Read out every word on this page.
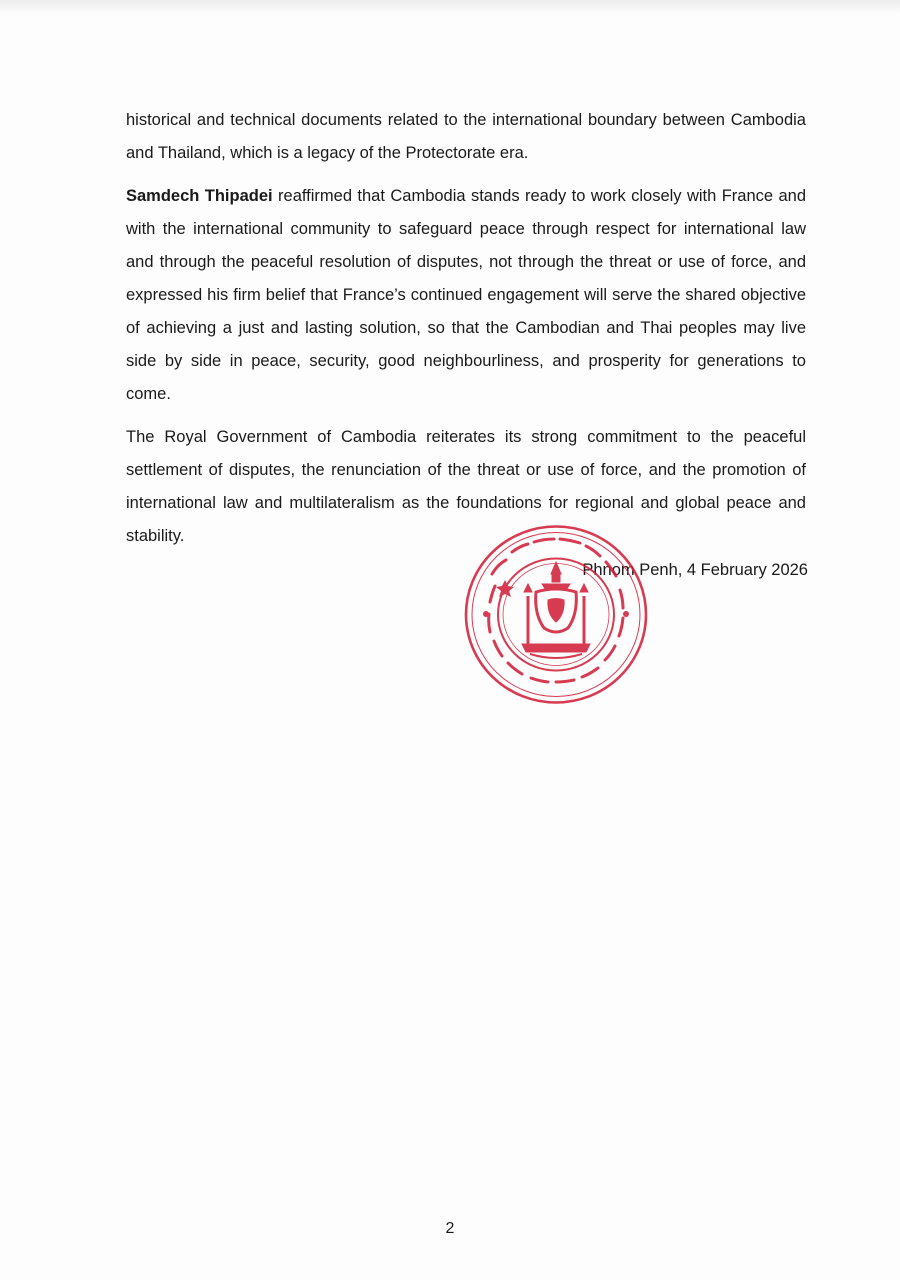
historical and technical documents related to the international boundary between Cambodia and Thailand, which is a legacy of the Protectorate era.

Samdech Thipadei reaffirmed that Cambodia stands ready to work closely with France and with the international community to safeguard peace through respect for international law and through the peaceful resolution of disputes, not through the threat or use of force, and expressed his firm belief that France’s continued engagement will serve the shared objective of achieving a just and lasting solution, so that the Cambodian and Thai peoples may live side by side in peace, security, good neighbourliness, and prosperity for generations to come.

The Royal Government of Cambodia reiterates its strong commitment to the peaceful settlement of disputes, the renunciation of the threat or use of force, and the promotion of international law and multilateralism as the foundations for regional and global peace and stability.

Phnom Penh, 4 February 2026

2
